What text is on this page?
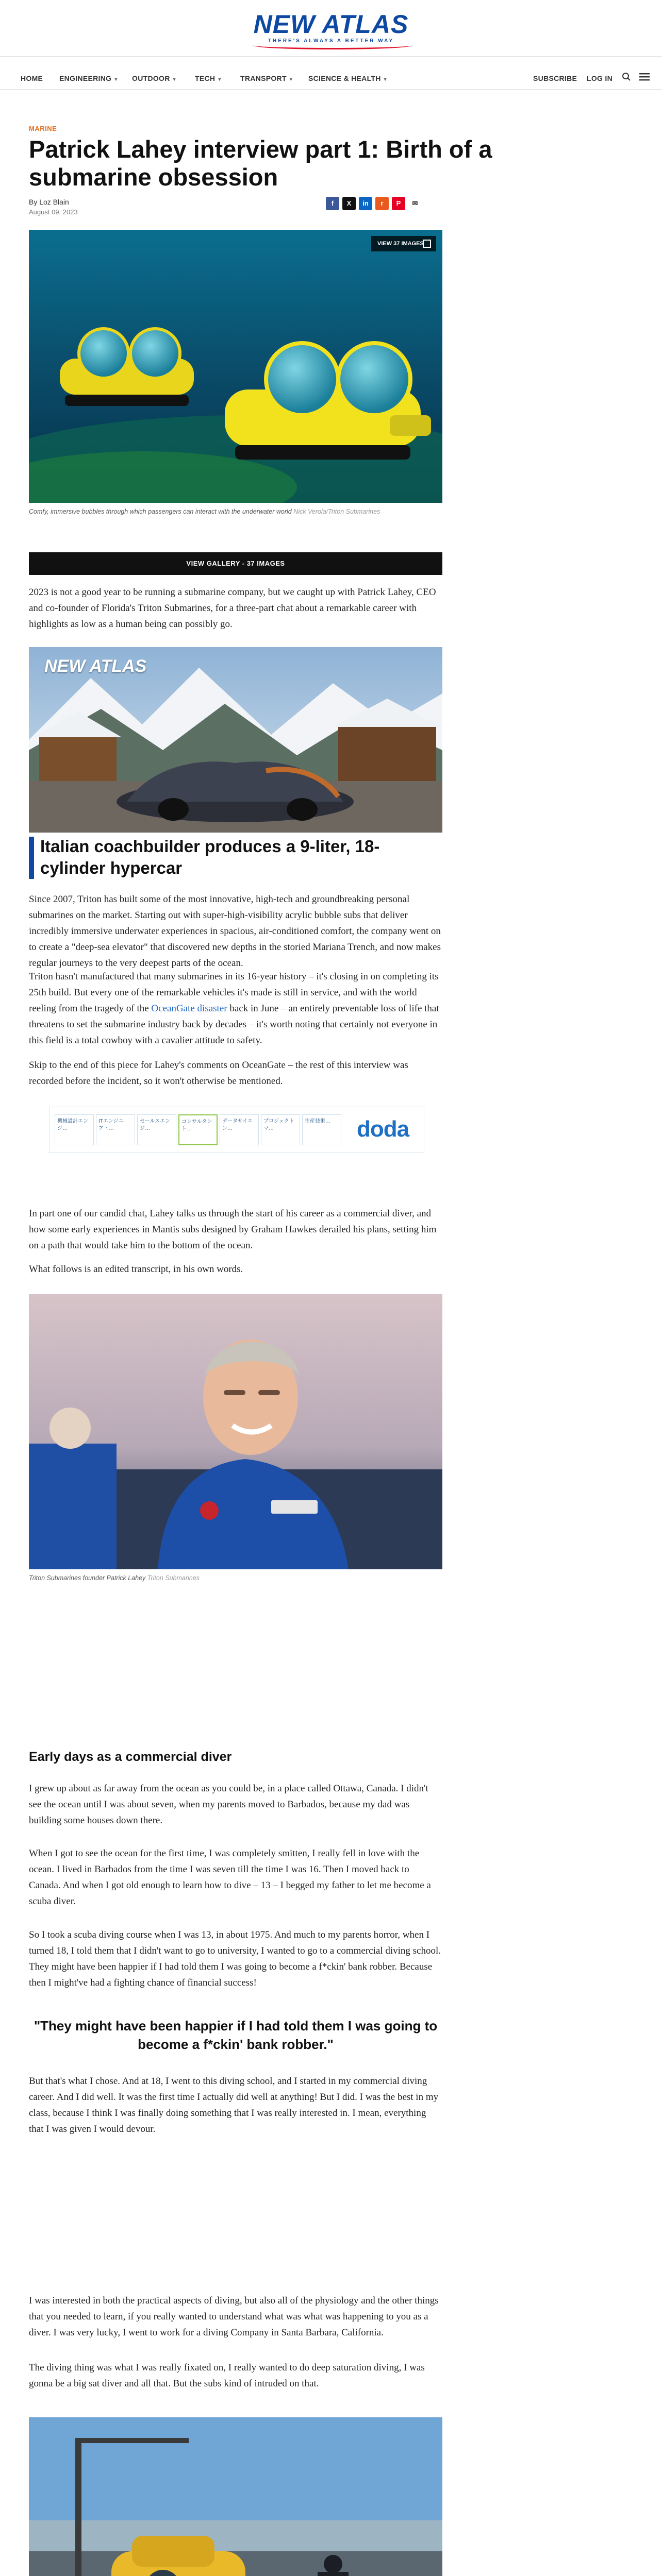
NEW ATLAS
THERE'S ALWAYS A BETTER WAY
HOME ENGINEERING ▼ OUTDOOR ▼	TECH ▼	TRANSPORT ▼ SCIENCE & HEALTH ▼	SUBSCRIBE LOG IN
MARINE
Patrick Lahey interview part 1: Birth of a submarine obsession
By Loz Blain
August 09, 2023
f	X	in	r	P	✉
VIEW 37 IMAGES
Comfy, immersive bubbles through which passengers can interact with the underwater world Nick Verola/Triton Submarines
VIEW GALLERY - 37 IMAGES

2023 is not a good year to be running a submarine company, but we caught up with Patrick Lahey, CEO and co-founder of Florida's Triton Submarines, for a three-part chat about a remarkable career with highlights as low as a human being can possibly go.

NEW ATLAS
Italian coachbuilder produces a 9-liter, 18-cylinder hypercar

Since 2007, Triton has built some of the most innovative, high-tech and groundbreaking personal submarines on the market. Starting out with super-high-visibility acrylic bubble subs that deliver incredibly immersive underwater experiences in spacious, air-conditioned comfort, the company went on to create a "deep-sea elevator" that discovered new depths in the storied Mariana Trench, and now makes regular journeys to the very deepest parts of the ocean.

Triton hasn't manufactured that many submarines in its 16-year history – it's closing in on completing its 25th build. But every one of the remarkable vehicles it's made is still in service, and with the world reeling from the tragedy of the OceanGate disaster back in June – an entirely preventable loss of life that threatens to set the submarine industry back by decades – it's worth noting that certainly not everyone in this field is a total cowboy with a cavalier attitude to safety.

Skip to the end of this piece for Lahey's comments on OceanGate – the rest of this interview was recorded before the incident, so it won't otherwise be mentioned.

機械設計エンジ…
ITエンジニア・…
セールスエンジ…
コンサルタント…
データサイエン…
プロジェクトマ…
生産技術…	doda

In part one of our candid chat, Lahey talks us through the start of his career as a commercial diver, and how some early experiences in Mantis subs designed by Graham Hawkes derailed his plans, setting him on a path that would take him to the bottom of the ocean.

What follows is an edited transcript, in his own words.

Triton Submarines founder Patrick Lahey Triton Submarines
Early days as a commercial diver

I grew up about as far away from the ocean as you could be, in a place called Ottawa, Canada. I didn't see the ocean until I was about seven, when my parents moved to Barbados, because my dad was building some houses down there.

When I got to see the ocean for the first time, I was completely smitten, I really fell in love with the ocean. I lived in Barbados from the time I was seven till the time I was 16. Then I moved back to Canada. And when I got old enough to learn how to dive – 13 – I begged my father to let me become a scuba diver.

So I took a scuba diving course when I was 13, in about 1975. And much to my parents horror, when I turned 18, I told them that I didn't want to go to university, I wanted to go to a commercial diving school. They might have been happier if I had told them I was going to become a f*ckin' bank robber. Because then I might've had a fighting chance of financial success!

"They might have been happier if I had told them I was going to become a f*ckin' bank robber."

But that's what I chose. And at 18, I went to this diving school, and I started in my commercial diving career. And I did well. It was the first time I actually did well at anything! But I did. I was the best in my class, because I think I was finally doing something that I was really interested in. I mean, everything that I was given I would devour.

I was interested in both the practical aspects of diving, but also all of the physiology and the other things that you needed to learn, if you really wanted to understand what was what was happening to you as a diver. I was very lucky, I went to work for a diving Company in Santa Barbara, California.

The diving thing was what I was really fixated on, I really wanted to do deep saturation diving, I was gonna be a big sat diver and all that. But the subs kind of intruded on that.
